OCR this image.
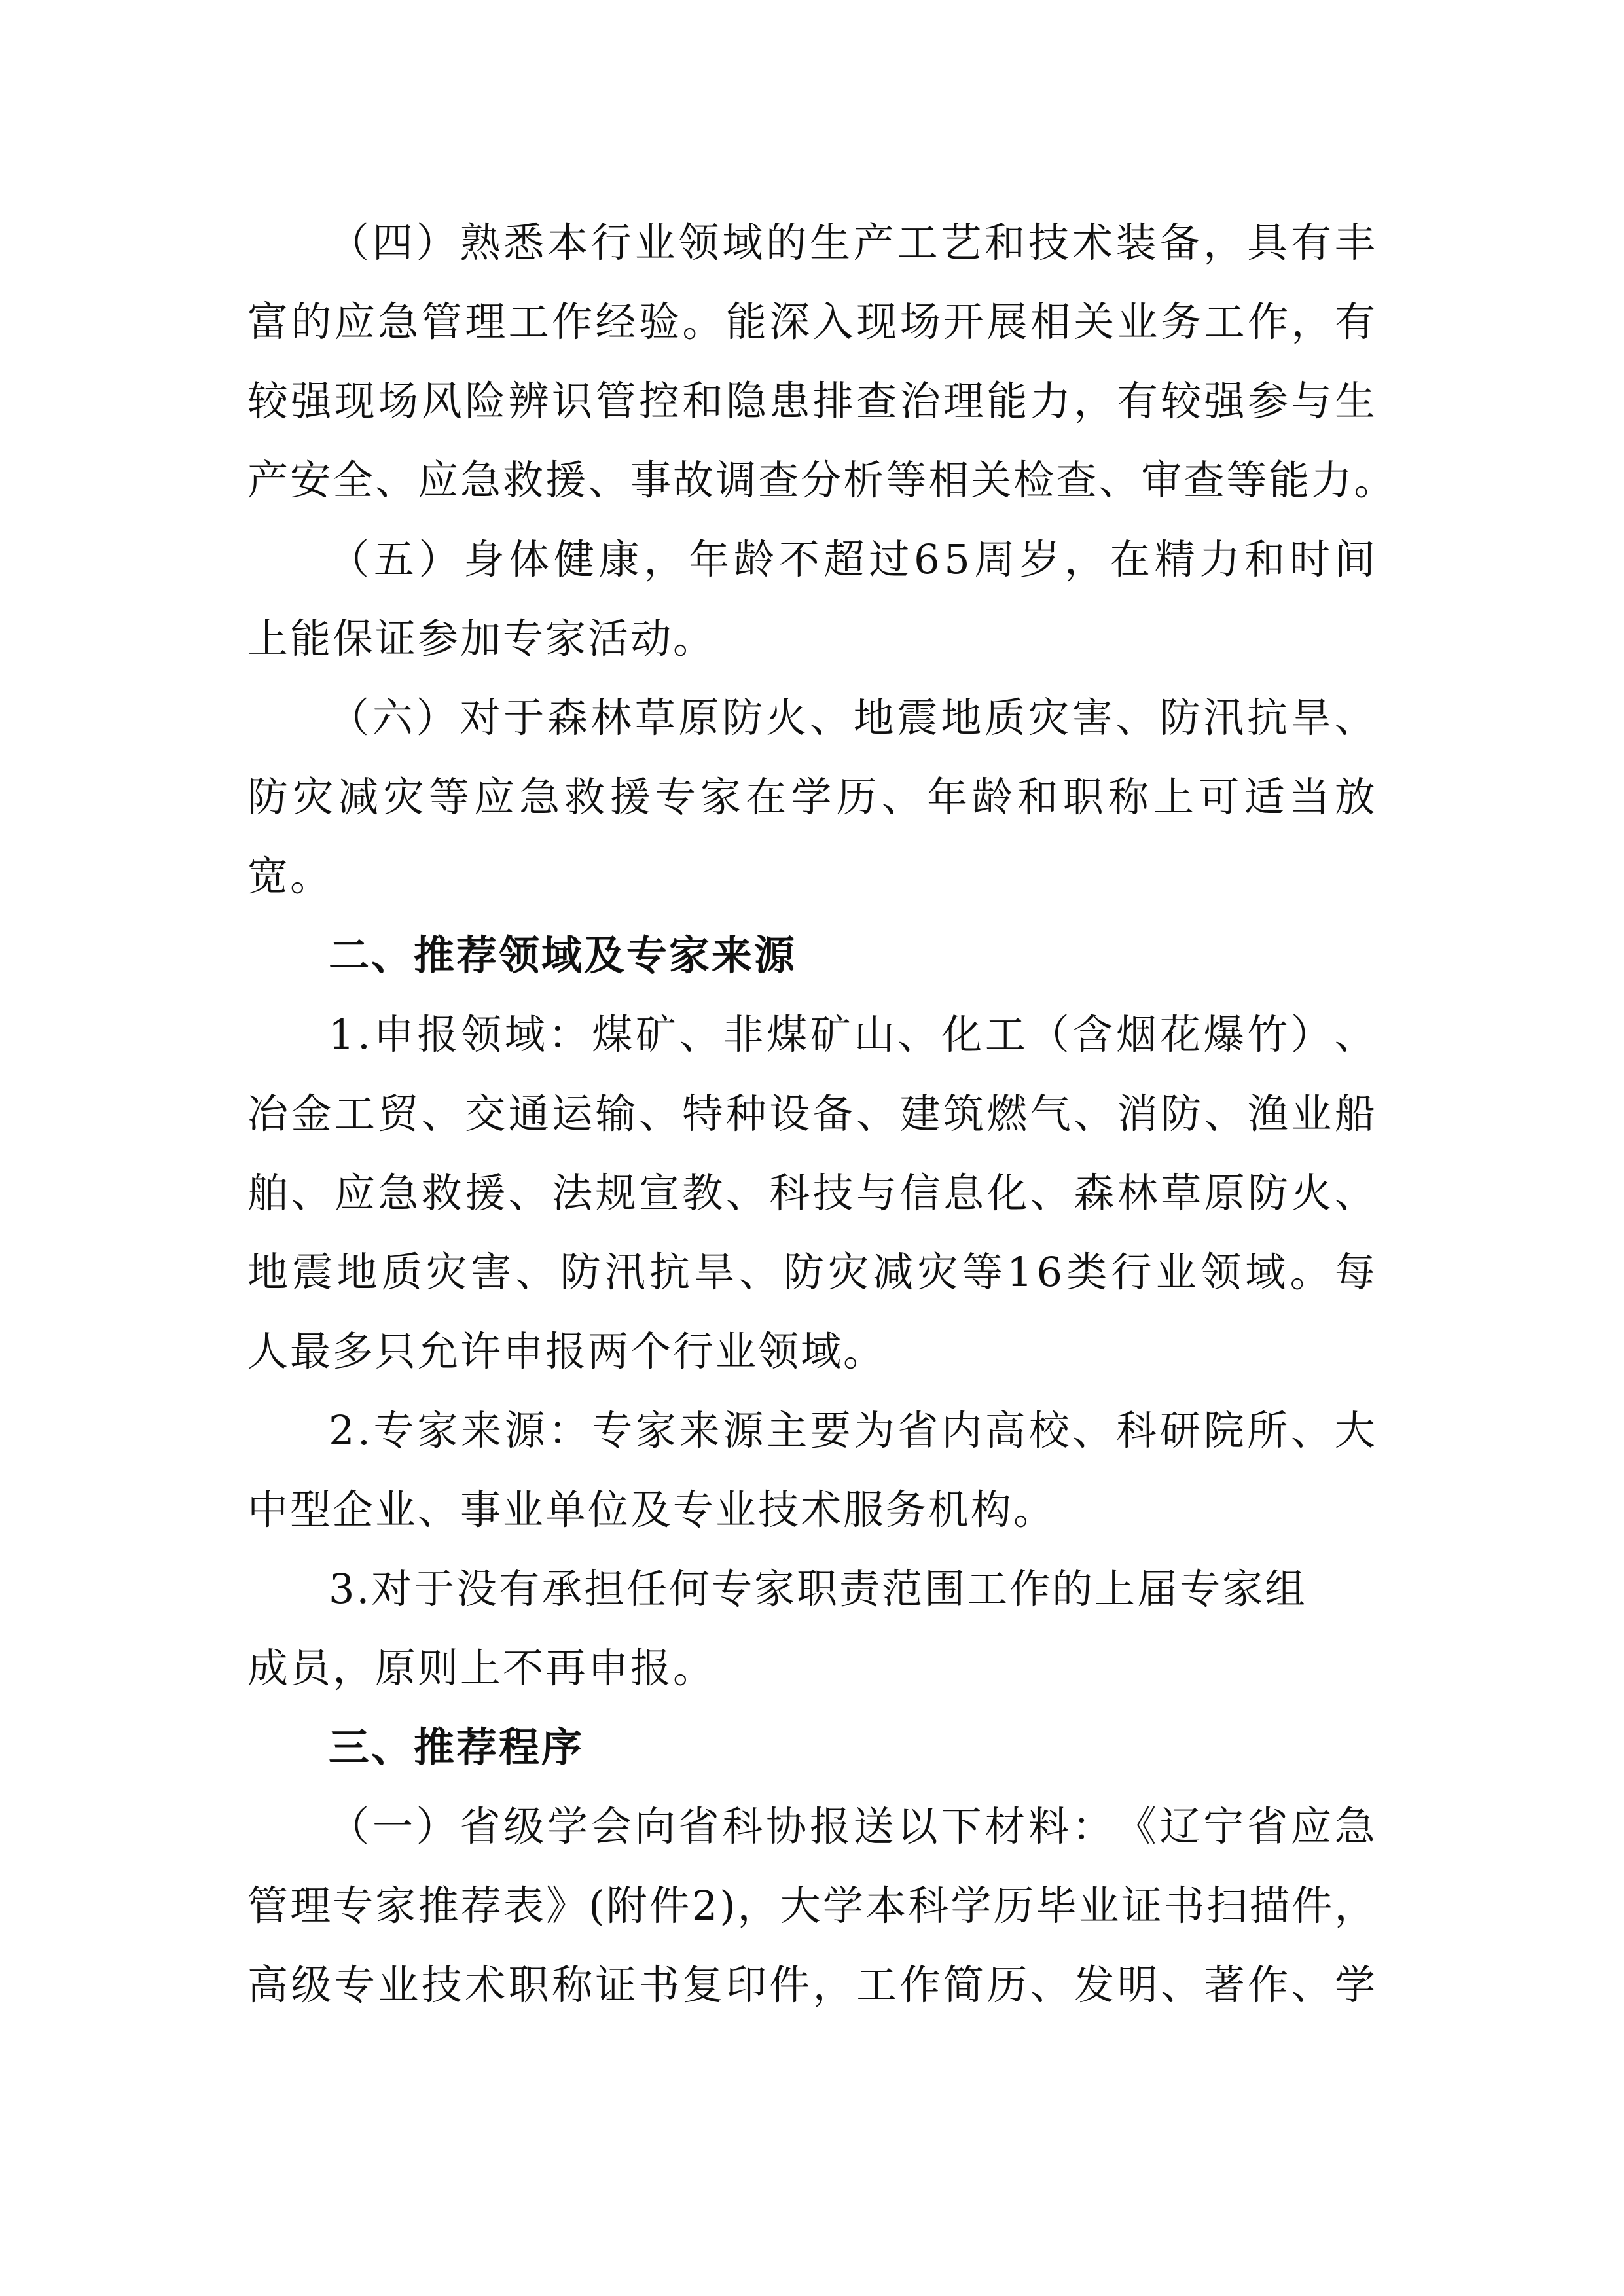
（ 四 ） 熟 悉 本 行 业 领 域 的 生 产 工 艺 和 技 术 装 备 ， 具 有 丰
富 的 应 急 管 理 工 作 经 验 。 能 深 入 现 场 开 展 相 关 业 务 工 作 ， 有
较 强 现 场 风 险 辨 识 管 控 和 隐 患 排 查 治 理 能 力 ， 有 较 强 参 与 生
产 安 全 、 应 急 救 援 、 事 故 调 查 分 析 等 相 关 检 查 、 审 查 等 能 力 。
（ 五 ） 身 体 健 康 ， 年 龄 不 超 过 6 5 周 岁 ， 在 精 力 和 时 间
上能保证参加专家活动。
（ 六 ） 对 于 森 林 草 原 防 火 、 地 震 地 质 灾 害 、 防 汛 抗 旱 、
防 灾 减 灾 等 应 急 救 援 专 家 在 学 历 、 年 龄 和 职 称 上 可 适 当 放
宽。
二、推荐领域及专家来源
1 . 申 报 领 域 ： 煤 矿 、 非 煤 矿 山 、 化 工 （ 含 烟 花 爆 竹 ） 、
冶 金 工 贸 、 交 通 运 输 、 特 种 设 备 、 建 筑 燃 气 、 消 防 、 渔 业 船
舶 、 应 急 救 援 、 法 规 宣 教 、 科 技 与 信 息 化 、 森 林 草 原 防 火 、
地 震 地 质 灾 害 、 防 汛 抗 旱 、 防 灾 减 灾 等 1 6 类 行 业 领 域 。 每
人最多只允许申报两个行业领域。
2 . 专 家 来 源 ： 专 家 来 源 主 要 为 省 内 高 校 、 科 研 院 所 、 大
中型企业、事业单位及专业技术服务机构。
3.对于没有承担任何专家职责范围工作的上届专家组
成员，原则上不再申报。
三、推荐程序
（ 一 ） 省 级 学 会 向 省 科 协 报 送 以 下 材 料 ： 《 辽 宁 省 应 急
管 理 专 家 推 荐 表 》 ( 附 件 2 ) ， 大 学 本 科 学 历 毕 业 证 书 扫 描 件 ，
高 级 专 业 技 术 职 称 证 书 复 印 件 ， 工 作 简 历 、 发 明 、 著 作 、 学
